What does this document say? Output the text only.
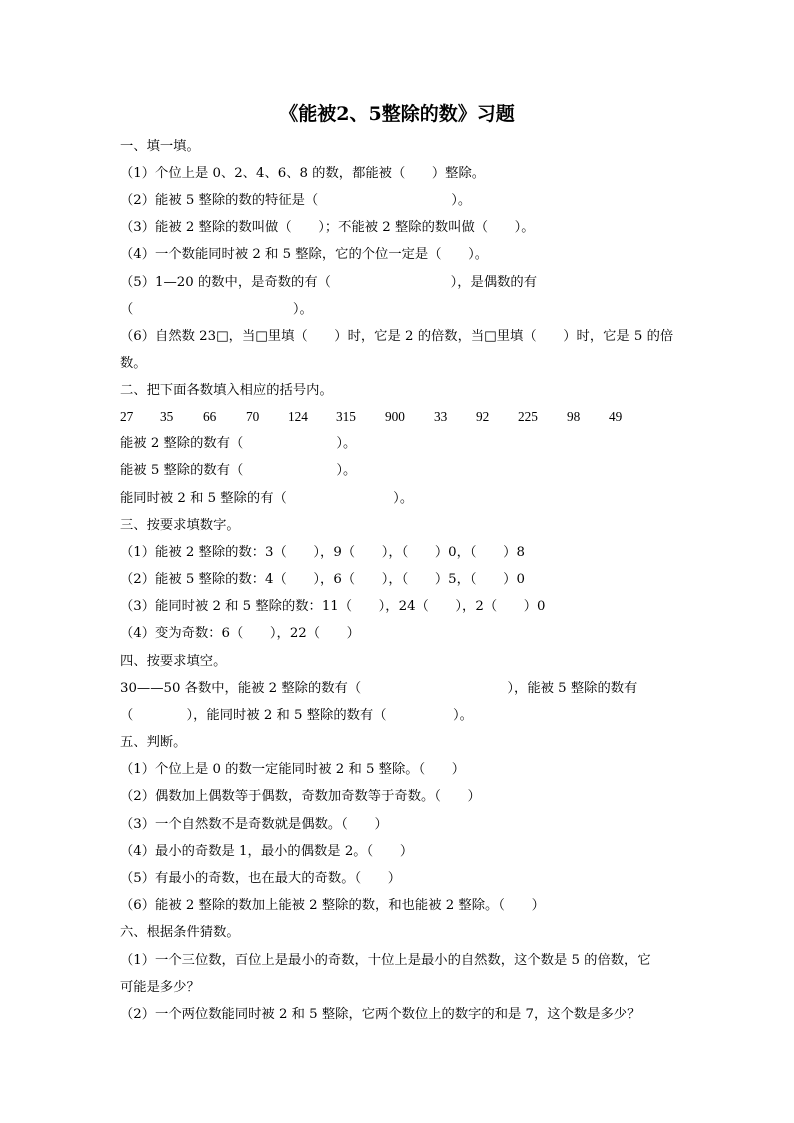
《能被2、5整除的数》习题

一、填一填。

（1）个位上是 0、2、4、6、8 的数，都能被（　　）整除。

（2）能被 5 整除的数的特征是（　　　　　　　　　　）。

（3）能被 2 整除的数叫做（　　）；不能被 2 整除的数叫做（　　）。

（4）一个数能同时被 2 和 5 整除，它的个位一定是（　　）。

（5）1—20 的数中，是奇数的有（　　　　　　　　　），是偶数的有

（　　　　　　　　　　　　）。

（6）自然数 23□，当□里填（　　）时，它是 2 的倍数，当□里填（　　）时，它是 5 的倍

数。

二、把下面各数填入相应的括号内。

27 35 66 70 124 315 900 33 92 225 98 49

能被 2 整除的数有（　　　　　　　）。

能被 5 整除的数有（　　　　　　　）。

能同时被 2 和 5 整除的有（　　　　　　　　）。

三、按要求填数字。

（1）能被 2 整除的数：3（　　），9（　　），（　　）0，（　　）8

（2）能被 5 整除的数：4（　　），6（　　），（　　）5，（　　）0

（3）能同时被 2 和 5 整除的数：11（　　），24（　　），2（　　）0

（4）变为奇数：6（　　），22（　　）

四、按要求填空。

30——50 各数中，能被 2 整除的数有（　　　　　　　　　　　），能被 5 整除的数有

（　　　　），能同时被 2 和 5 整除的数有（　　　　　）。

五、判断。

（1）个位上是 0 的数一定能同时被 2 和 5 整除。（　　）

（2）偶数加上偶数等于偶数，奇数加奇数等于奇数。（　　）

（3）一个自然数不是奇数就是偶数。（　　）

（4）最小的奇数是 1，最小的偶数是 2。（　　）

（5）有最小的奇数，也在最大的奇数。（　　）

（6）能被 2 整除的数加上能被 2 整除的数，和也能被 2 整除。（　　）

六、根据条件猜数。

（1）一个三位数，百位上是最小的奇数，十位上是最小的自然数，这个数是 5 的倍数，它

可能是多少？

（2）一个两位数能同时被 2 和 5 整除，它两个数位上的数字的和是 7，这个数是多少？
